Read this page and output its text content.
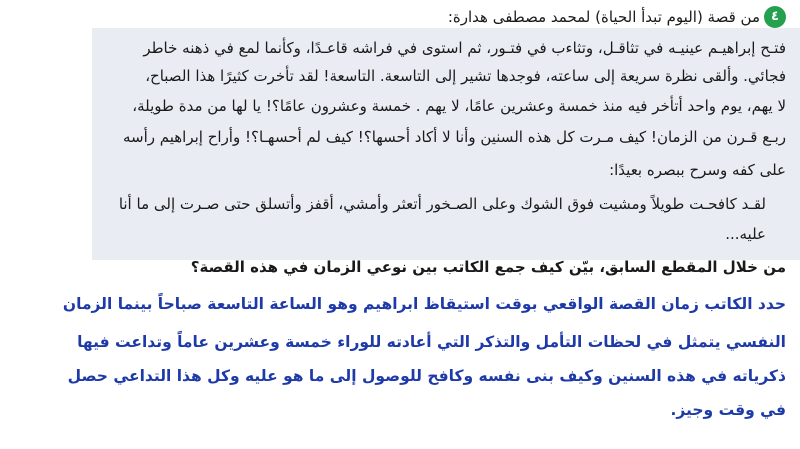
٤
من قصة (اليوم تبدأ الحياة) لمحمد مصطفى هدارة:
فتـح إبراهيـم عينيـه في تثاقـل، وتثاءب في فتـور، ثم استوى في فراشه قاعـدًا، وكأنما لمع في ذهنه خاطر
فجائي. وألقى نظرة سريعة إلى ساعته، فوجدها تشير إلى التاسعة. التاسعة! لقد تأخرت كثيرًا هذا الصباح،
لا يهم، يوم واحد أتأخر فيه منذ خمسة وعشرين عامًا، لا يهم . خمسة وعشرون عامًا؟! يا لها من مدة طويلة،
ربـع قـرن من الزمان! كيف مـرت كل هذه السنين وأنا لا أكاد أحسها؟! كيف لم أحسهـا؟! وأراح إبراهيم رأسه
على كفه وسرح ببصره بعيدًا:
لقـد كافحـت طويلاً ومشيت فوق الشوك وعلى الصـخور أتعثر وأمشي، أقفز وأتسلق حتى صـرت إلى ما أنا
عليه...
من خلال المقطع السابق، بيّن كيف جمع الكاتب بين نوعي الزمان في هذه القصة؟
حدد الكاتب زمان القصة الواقعي بوقت استيقاظ ابراهيم وهو الساعة التاسعة صباحاً بينما الزمان
النفسي يتمثل في لحظات التأمل والتذكر التي أعادته للوراء خمسة وعشرين عاماً وتداعت فيها
ذكرياته في هذه السنين وكيف بنى نفسه وكافح للوصول إلى ما هو عليه وكل هذا التداعي حصل
في وقت وجيز.
